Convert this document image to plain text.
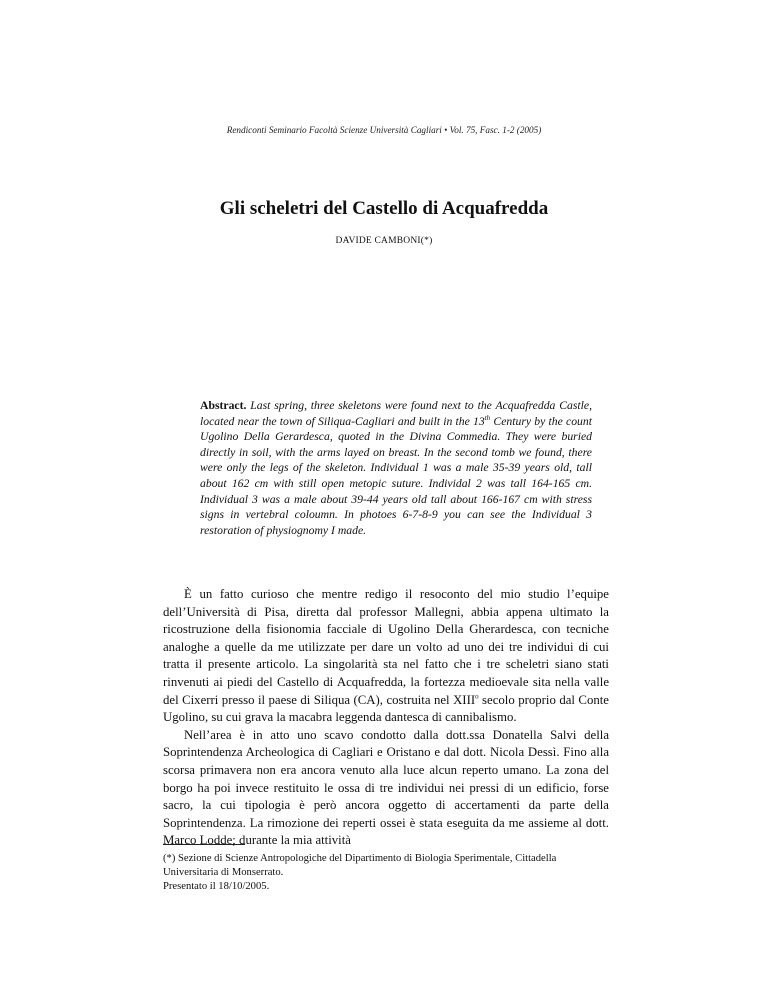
Rendiconti Seminario Facoltà Scienze Università Cagliari • Vol. 75, Fasc. 1-2 (2005)
Gli scheletri del Castello di Acquafredda
DAVIDE CAMBONI(*)
Abstract. Last spring, three skeletons were found next to the Acquafredda Castle, located near the town of Siliqua-Cagliari and built in the 13th Century by the count Ugolino Della Gerardesca, quoted in the Divina Commedia. They were buried directly in soil, with the arms layed on breast. In the second tomb we found, there were only the legs of the skeleton. Individual 1 was a male 35-39 years old, tall about 162 cm with still open metopic suture. Individal 2 was tall 164-165 cm. Individual 3 was a male about 39-44 years old tall about 166-167 cm with stress signs in vertebral coloumn. In photoes 6-7-8-9 you can see the Individual 3 restoration of physiognomy I made.

È un fatto curioso che mentre redigo il resoconto del mio studio l’equipe dell’Università di Pisa, diretta dal professor Mallegni, abbia appena ultimato la ricostruzione della fisionomia facciale di Ugolino Della Gherardesca, con tecniche analoghe a quelle da me utilizzate per dare un volto ad uno dei tre individui di cui tratta il presente articolo. La singolarità sta nel fatto che i tre scheletri siano stati rinvenuti ai piedi del Castello di Acquafredda, la fortezza medioevale sita nella valle del Cixerri presso il paese di Siliqua (CA), costruita nel XIII$^o$ secolo proprio dal Conte Ugolino, su cui grava la macabra leggenda dantesca di cannibalismo.

Nell’area è in atto uno scavo condotto dalla dott.ssa Donatella Salvi della Soprintendenza Archeologica di Cagliari e Oristano e dal dott. Nicola Dessì. Fino alla scorsa primavera non era ancora venuto alla luce alcun reperto umano. La zona del borgo ha poi invece restituito le ossa di tre individui nei pressi di un edificio, forse sacro, la cui tipologia è però ancora oggetto di accertamenti da parte della Soprintendenza. La rimozione dei reperti ossei è stata eseguita da me assieme al dott. Marco Lodde; durante la mia attività

(*) Sezione di Scienze Antropologiche del Dipartimento di Biologia Sperimentale, Cittadella Universitaria di Monserrato.

Presentato il 18/10/2005.
